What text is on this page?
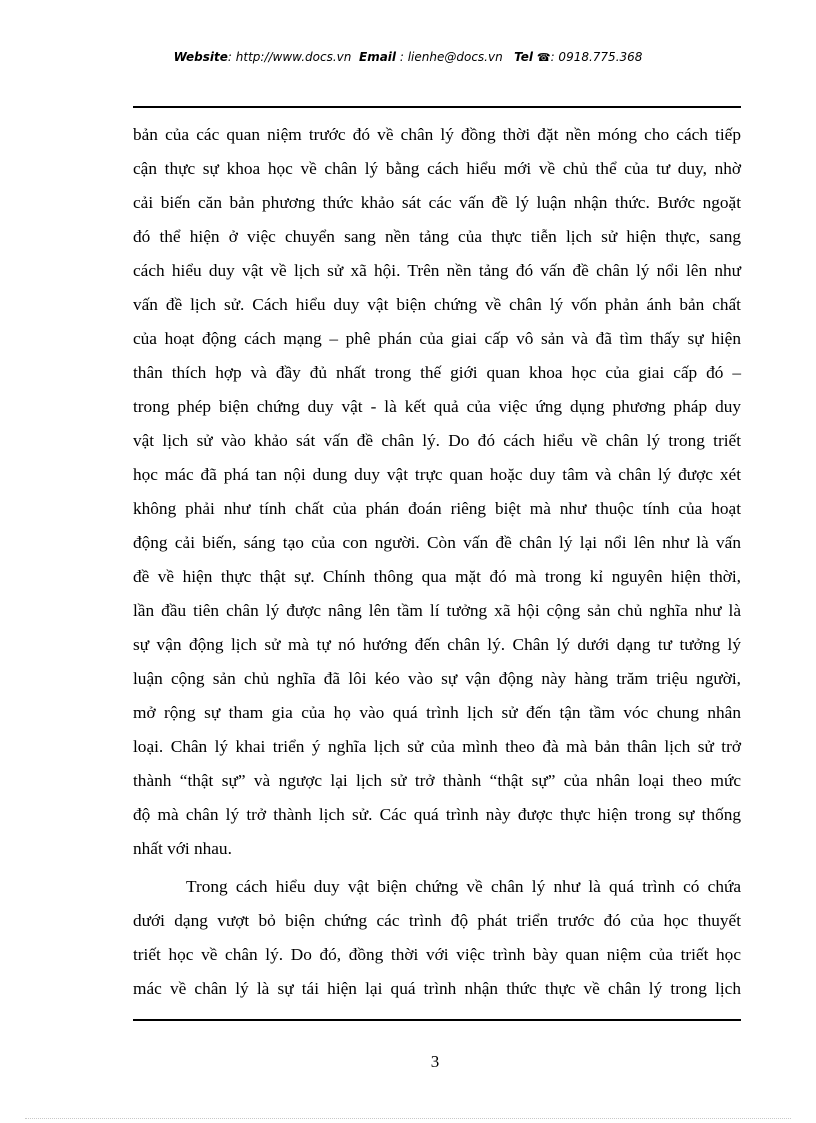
Website: http://www.docs.vn Email : lienhe@docs.vn Tel ☎: 0918.775.368
bản của các quan niệm trước đó về chân lý đồng thời đặt nền móng cho cách tiếp
cận thực sự khoa học về chân lý bằng cách hiểu mới về chủ thể của tư duy, nhờ
cải biến căn bản phương thức khảo sát các vấn đề lý luận nhận thức. Bước ngoặt
đó thể hiện ở việc chuyển sang nền tảng của thực tiễn lịch sử hiện thực, sang
cách hiểu duy vật về lịch sử xã hội. Trên nền tảng đó vấn đề chân lý nổi lên như
vấn đề lịch sử. Cách hiểu duy vật biện chứng về chân lý vốn phản ánh bản chất
của hoạt động cách mạng – phê phán của giai cấp vô sản và đã tìm thấy sự hiện
thân thích hợp và đầy đủ nhất trong thế giới quan khoa học của giai cấp đó –
trong phép biện chứng duy vật - là kết quả của việc ứng dụng phương pháp duy
vật lịch sử vào khảo sát vấn đề chân lý. Do đó cách hiểu về chân lý trong triết
học mác đã phá tan nội dung duy vật trực quan hoặc duy tâm và chân lý được xét
không phải như tính chất của phán đoán riêng biệt mà như thuộc tính của hoạt
động cải biến, sáng tạo của con người. Còn vấn đề chân lý lại nổi lên như là vấn
đề về hiện thực thật sự. Chính thông qua mặt đó mà trong kỉ nguyên hiện thời,
lần đầu tiên chân lý được nâng lên tầm lí tưởng xã hội cộng sản chủ nghĩa như là
sự vận động lịch sử mà tự nó hướng đến chân lý. Chân lý dưới dạng tư tưởng lý
luận cộng sản chủ nghĩa đã lôi kéo vào sự vận động này hàng trăm triệu người,
mở rộng sự tham gia của họ vào quá trình lịch sử đến tận tầm vóc chung nhân
loại. Chân lý khai triển ý nghĩa lịch sử của mình theo đà mà bản thân lịch sử trở
thành “thật sự” và ngược lại lịch sử trở thành “thật sự” của nhân loại theo mức
độ mà chân lý trở thành lịch sử. Các quá trình này được thực hiện trong sự thống
nhất với nhau.
Trong cách hiểu duy vật biện chứng về chân lý như là quá trình có chứa
dưới dạng vượt bỏ biện chứng các trình độ phát triển trước đó của học thuyết
triết học về chân lý. Do đó, đồng thời với việc trình bày quan niệm của triết học
mác về chân lý là sự tái hiện lại quá trình nhận thức thực về chân lý trong lịch
3
